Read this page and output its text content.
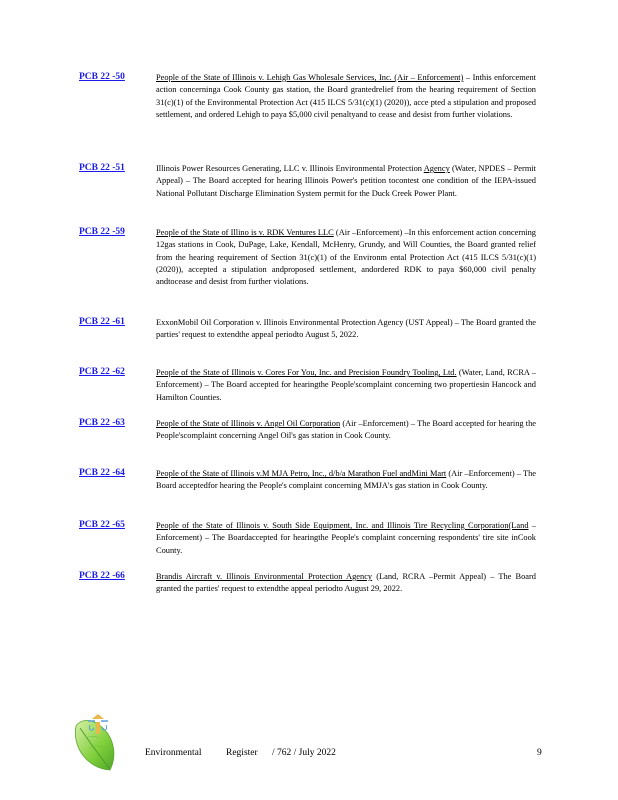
PCB 22 -50	People of the State of Illinois v. Lehigh Gas Wholesale Services, Inc. (Air – Enforcement) – Inthis enforcement action concerninga Cook County gas station, the Board grantedrelief from the hearing requirement of Section 31(c)(1) of the Environmental Protection Act (415 ILCS 5/31(c)(1) (2020)), acce pted a stipulation and proposed settlement, and ordered Lehigh to paya $5,000 civil penaltyand to cease and desist from further violations.
PCB 22 -51	Illinois Power Resources Generating, LLC v. Illinois Environmental Protection Agency (Water, NPDES – Permit Appeal) – The Board accepted for hearing Illinois Power's petition tocontest one condition of the IEPA-issued National Pollutant Discharge Elimination System permit for the Duck Creek Power Plant.
PCB 22 -59	People of the State of Illino is v. RDK Ventures LLC (Air –Enforcement) –In this enforcement action concerning 12gas stations in Cook, DuPage, Lake, Kendall, McHenry, Grundy, and Will Counties, the Board granted relief from the hearing requirement of Section 31(c)(1) of the Environm ental Protection Act (415 ILCS 5/31(c)(1) (2020)), accepted a stipulation andproposed settlement, andordered RDK to paya $60,000 civil penalty andtocease and desist from further violations.
PCB 22 -61	ExxonMobil Oil Corporation v. Illinois Environmental Protection Agency (UST Appeal) – The Board granted the parties' request to extendthe appeal periodto August 5, 2022.
PCB 22 -62	People of the State of Illinois v. Cores For You, Inc. and Precision Foundry Tooling, Ltd. (Water, Land, RCRA –Enforcement) – The Board accepted for hearingthe People'scomplaint concerning two propertiesin Hancock and Hamilton Counties.
PCB 22 -63	People of the State of Illinois v. Angel Oil Corporation (Air –Enforcement) – The Board accepted for hearing the People'scomplaint concerning Angel Oil's gas station in Cook County.
PCB 22 -64	People of the State of Illinois v.M MJA Petro, Inc., d/b/a Marathon Fuel andMini Mart (Air –Enforcement) – The Board acceptedfor hearing the People's complaint concerning MMJA's gas station in Cook County.
PCB 22 -65	People of the State of Illinois v. South Side Equipment, Inc. and Illinois Tire Recycling Corporation(Land –Enforcement) – The Boardaccepted for hearingthe People's complaint concerning respondents' tire site inCook County.
PCB 22 -66	Brandis Aircraft v. Illinois Environmental Protection Agency (Land, RCRA –Permit Appeal) – The Board granted the parties' request to extendthe appeal periodto August 29, 2022.
Environmental	Register / 762 / July 2022	9
